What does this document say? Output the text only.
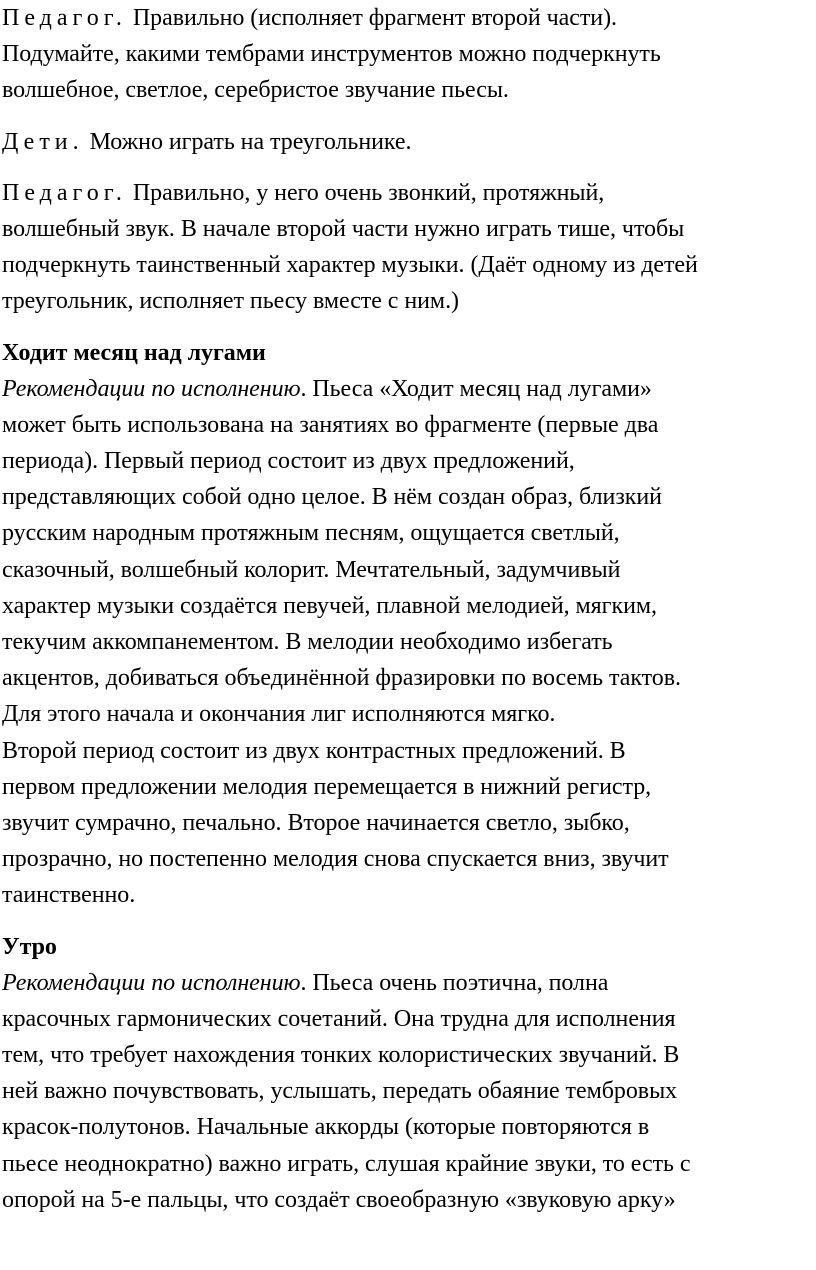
Педагог. Правильно (исполняет фрагмент второй части).
Подумайте, какими тембрами инструментов можно подчеркнуть
волшебное, светлое, серебристое звучание пьесы.
Дети. Можно играть на треугольнике.
Педагог. Правильно, у него очень звонкий, протяжный,
волшебный звук. В начале второй части нужно играть тише, чтобы
подчеркнуть таинственный характер музыки. (Даёт одному из детей
треугольник, исполняет пьесу вместе с ним.)
Ходит месяц над лугами
Рекомендации по исполнению. Пьеса «Ходит месяц над лугами»
может быть использована на занятиях во фрагменте (первые два
периода). Первый период состоит из двух предложений,
представляющих собой одно целое. В нём создан образ, близкий
русским народным протяжным песням, ощущается светлый,
сказочный, волшебный колорит. Мечтательный, задумчивый
характер музыки создаётся певучей, плавной мелодией, мягким,
текучим аккомпанементом. В мелодии необходимо избегать
акцентов, добиваться объединённой фразировки по восемь тактов.
Для этого начала и окончания лиг исполняются мягко.
Второй период состоит из двух контрастных предложений. В
первом предложении мелодия перемещается в нижний регистр,
звучит сумрачно, печально. Второе начинается светло, зыбко,
прозрачно, но постепенно мелодия снова спускается вниз, звучит
таинственно.
Утро
Рекомендации по исполнению. Пьеса очень поэтична, полна
красочных гармонических сочетаний. Она трудна для исполнения
тем, что требует нахождения тонких колористических звучаний. В
ней важно почувствовать, услышать, передать обаяние тембровых
красок-полутонов. Начальные аккорды (которые повторяются в
пьесе неоднократно) важно играть, слушая крайние звуки, то есть с
опорой на 5-е пальцы, что создаёт своеобразную «звуковую арку»
